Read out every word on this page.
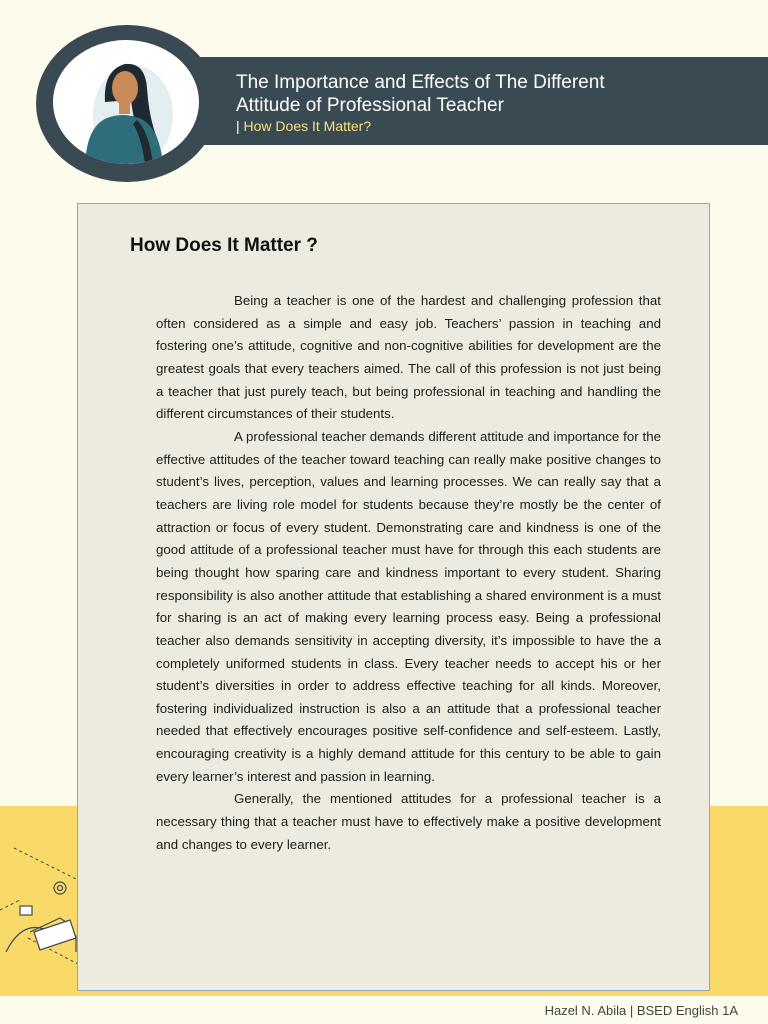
The Importance and Effects of The Different
Attitude of Professional Teacher
| How Does It Matter?
How Does It Matter ?

Being a teacher is one of the hardest and challenging profession that often considered as a simple and easy job. Teachers’ passion in teaching and fostering one’s attitude, cognitive and non-cognitive abilities for development are the greatest goals that every teachers aimed. The call of this profession is not just being a teacher that just purely teach, but being professional in teaching and handling the different circumstances of their students.

A professional teacher demands different attitude and importance for the effective attitudes of the teacher toward teaching can really make positive changes to student’s lives, perception, values and learning processes. We can really say that a teachers are living role model for students because they’re mostly be the center of attraction or focus of every student. Demonstrating care and kindness is one of the good attitude of a professional teacher must have for through this each students are being thought how sparing care and kindness important to every student. Sharing responsibility is also another attitude that establishing a shared environment is a must for sharing is an act of making every learning process easy. Being a professional teacher also demands sensitivity in accepting diversity, it’s impossible to have the a completely uniformed students in class. Every teacher needs to accept his or her student’s diversities in order to address effective teaching for all kinds. Moreover, fostering individualized instruction is also a an attitude that a professional teacher needed that effectively encourages positive self-confidence and self-esteem. Lastly, encouraging creativity is a highly demand attitude for this century to be able to gain every learner’s interest and passion in learning.

Generally, the mentioned attitudes for a professional teacher is a necessary thing that a teacher must have to effectively make a positive development and changes to every learner.

Hazel N. Abila | BSED English 1A
